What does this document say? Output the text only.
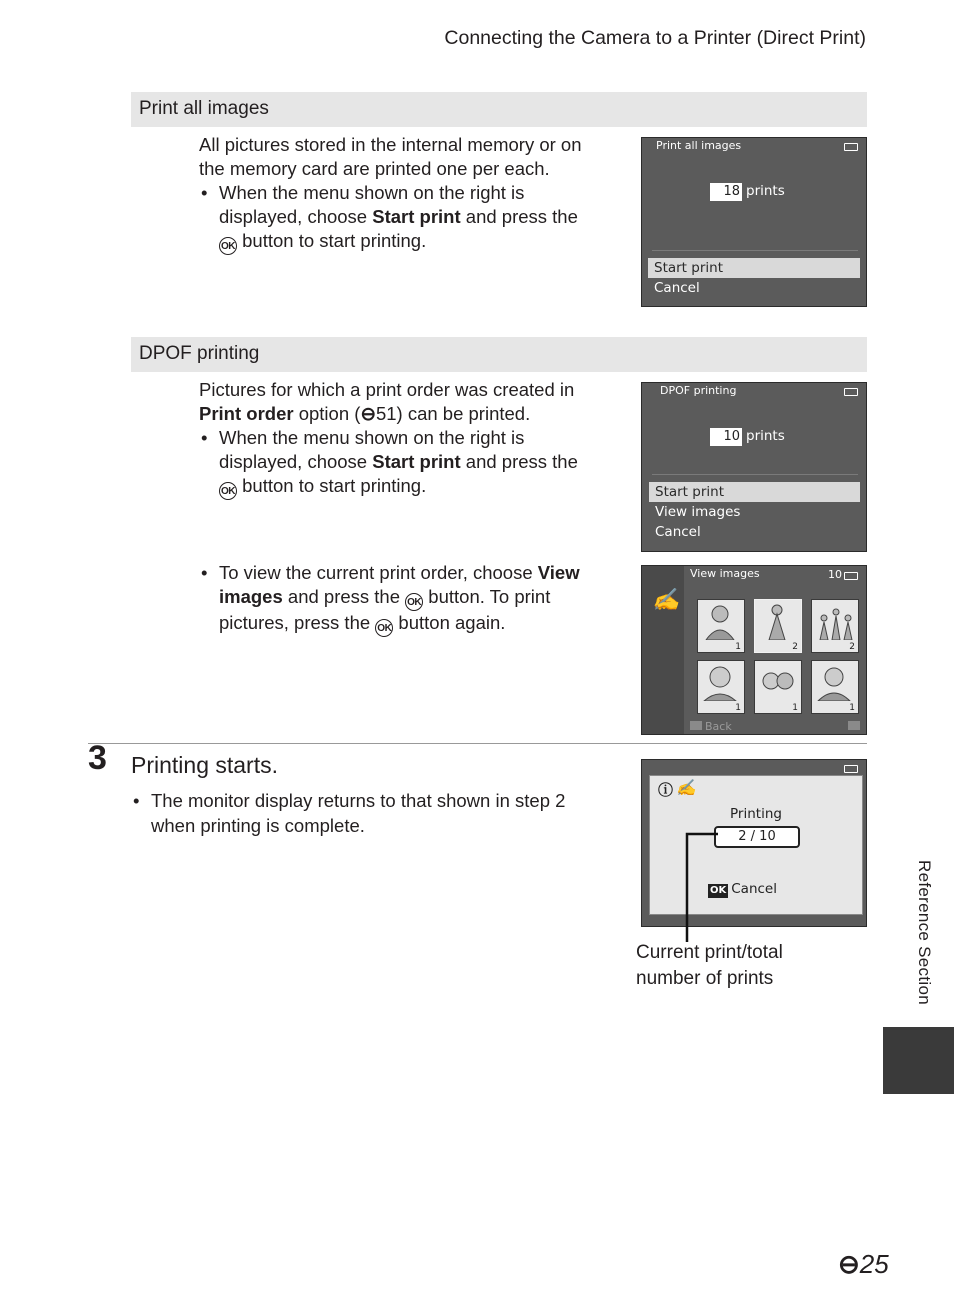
Connecting the Camera to a Printer (Direct Print)
Print all images
All pictures stored in the internal memory or on the memory card are printed one per each.
• When the menu shown on the right is displayed, choose Start print and press the
OK button to start printing.
Print all images
18 prints
Start print
Cancel
DPOF printing
Pictures for which a print order was created in Print order option (⊖51) can be printed.
• When the menu shown on the right is displayed, choose Start print and press the
OK button to start printing.
DPOF printing
10 prints
Start print
View images
Cancel
• To view the current print order, choose View images and press the OK button. To print pictures, press the OK button again.
✍
View images	10
1	2	2
1	1	1
Back
3 Printing starts.
• The monitor display returns to that shown in step 2 when printing is complete.
ⓘ ✍
Printing
2 / 10
OK Cancel
Current print/total number of prints	Reference Section
⊖25
